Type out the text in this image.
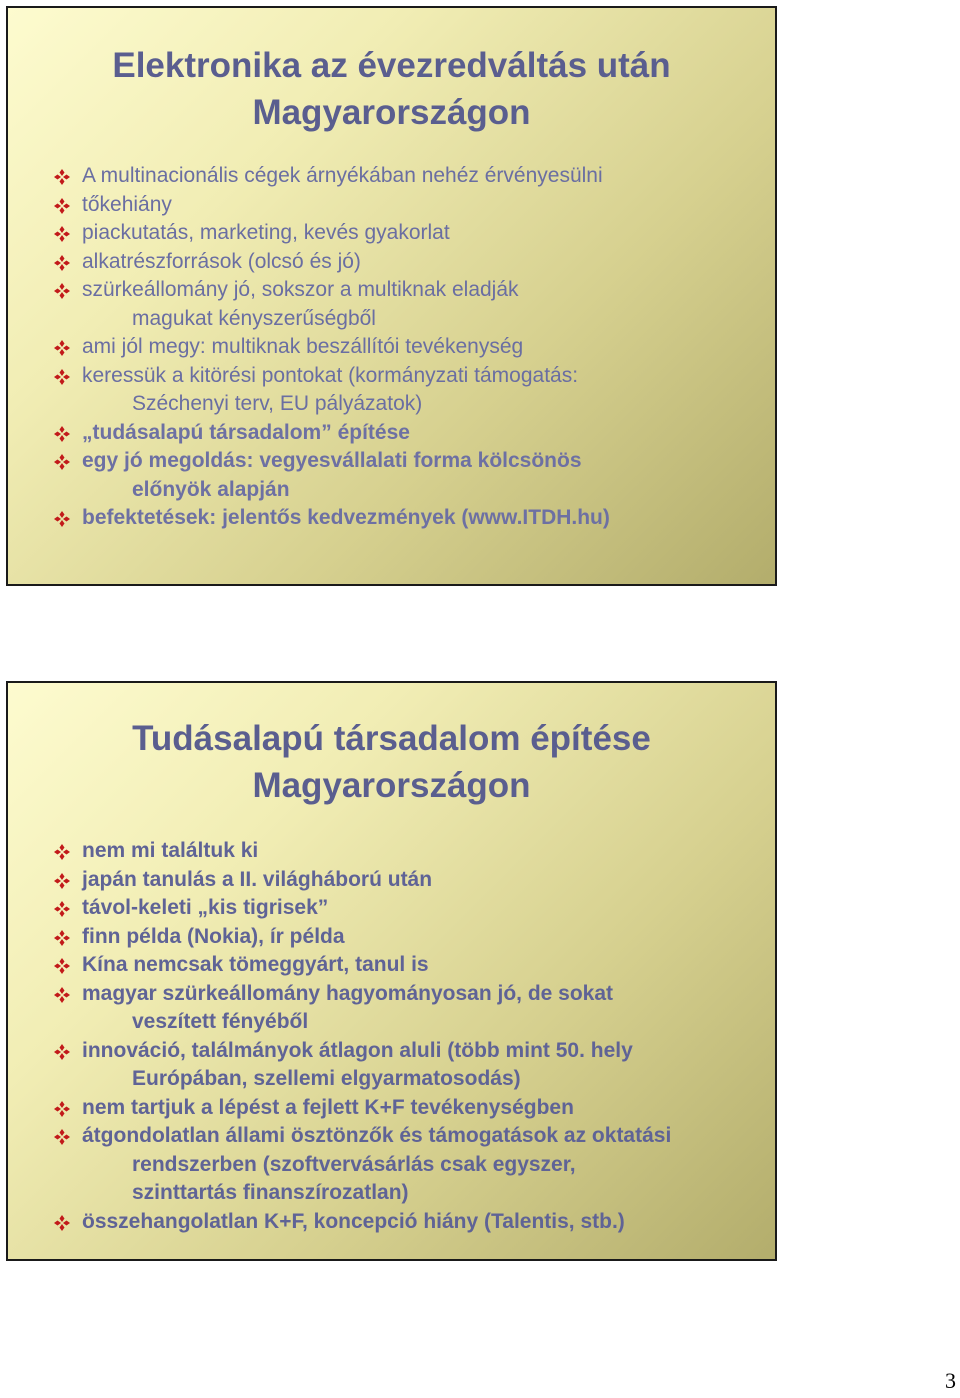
Elektronika az évezredváltás után
Magyarországon
A multinacionális cégek árnyékában nehéz érvényesülni
tőkehiány
piackutatás, marketing, kevés gyakorlat
alkatrészforrások (olcsó és jó)
szürkeállomány jó, sokszor a multiknak eladják
magukat kényszerűségből
ami jól megy: multiknak beszállítói tevékenység
keressük a kitörési pontokat (kormányzati támogatás:
Széchenyi terv, EU pályázatok)
„tudásalapú társadalom” építése
egy jó megoldás: vegyesvállalati forma kölcsönös
előnyök alapján
befektetések: jelentős kedvezmények (www.ITDH.hu)
Tudásalapú társadalom építése
Magyarországon
nem mi találtuk ki
japán tanulás a II. világháború után
távol-keleti „kis tigrisek”
finn példa (Nokia), ír példa
Kína nemcsak tömeggyárt, tanul is
magyar szürkeállomány hagyományosan jó, de sokat
veszített fényéből
innováció, találmányok átlagon aluli (több mint 50. hely
Európában, szellemi elgyarmatosodás)
nem tartjuk a lépést a fejlett K+F tevékenységben
átgondolatlan állami ösztönzők és támogatások az oktatási
rendszerben (szoftvervásárlás csak egyszer,
szinttartás finanszírozatlan)
összehangolatlan K+F, koncepció hiány (Talentis, stb.)
3
